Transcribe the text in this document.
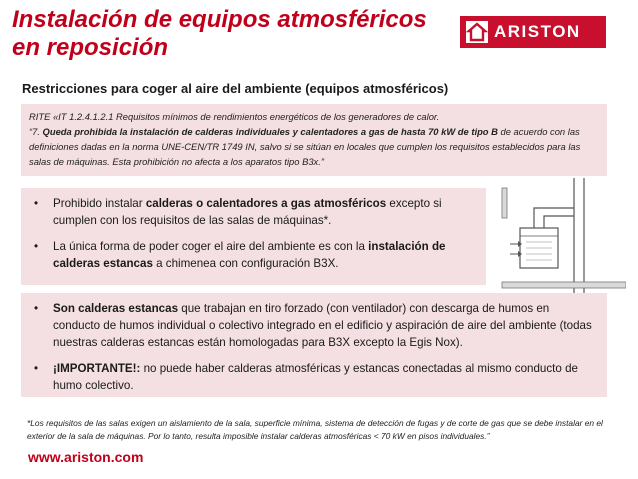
Instalación de equipos atmosféricos
en reposición
ARISTON
Restricciones para coger al aire del ambiente (equipos atmosféricos)
RITE «IT 1.2.4.1.2.1 Requisitos mínimos de rendimientos energéticos de los generadores de calor.
“7. Queda prohibida la instalación de calderas individuales y calentadores a gas de hasta 70 kW de tipo B de acuerdo con las definiciones dadas en la norma UNE-CEN/TR 1749 IN, salvo si se sitúan en locales que cumplen los requisitos establecidos para las salas de máquinas. Esta prohibición no afecta a los aparatos tipo B3x.”
• Prohibido instalar calderas o calentadores a gas atmosféricos excepto si cumplen con los requisitos de las salas de máquinas*.
• La única forma de poder coger el aire del ambiente es con la instalación de calderas estancas a chimenea con configuración B3X.
• Son calderas estancas que trabajan en tiro forzado (con ventilador) con descarga de humos en conducto de humos individual o colectivo integrado en el edificio y aspiración de aire del ambiente (todas nuestras calderas estancas están homologadas para B3X excepto la Egis Nox).
• ¡IMPORTANTE!: no puede haber calderas atmosféricas y estancas conectadas al mismo conducto de humo colectivo.
*Los requisitos de las salas exigen un aislamiento de la sala, superficie mínima, sistema de detección de fugas y de corte de gas que se debe instalar en el exterior de la sala de máquinas. Por lo tanto, resulta imposible instalar calderas atmosféricas < 70 kW en pisos individuales.”
www.ariston.com
